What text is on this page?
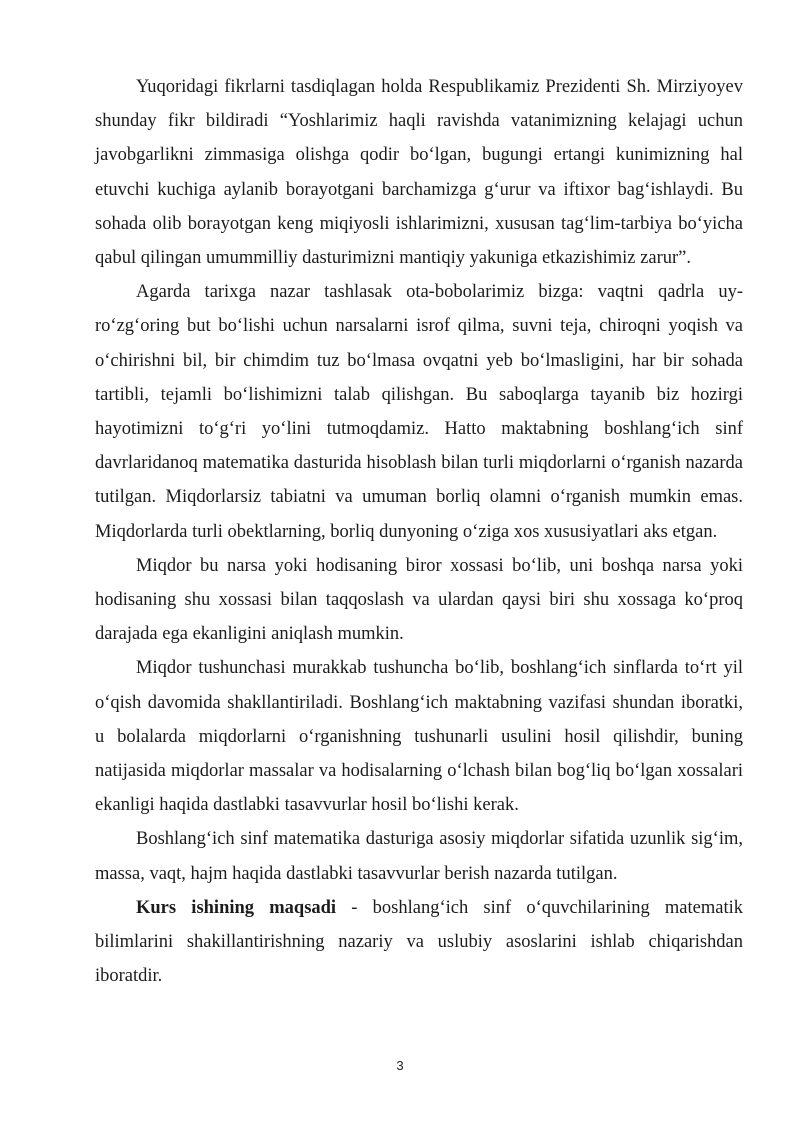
Yuqoridagi fikrlarni tasdiqlagan holda Respublikamiz Prezidenti Sh. Mirziyoyev shunday fikr bildiradi “Yoshlarimiz haqli ravishda vatanimizning kelajagi uchun javobgarlikni zimmasiga olishga qodir bo‘lgan, bugungi ertangi kunimizning hal etuvchi kuchiga aylanib borayotgani barchamizga g‘urur va iftixor bag‘ishlaydi. Bu sohada olib borayotgan keng miqiyosli ishlarimizni, xususan tag‘lim-tarbiya bo‘yicha qabul qilingan umummilliy dasturimizni mantiqiy yakuniga etkazishimiz zarur”.

Agarda tarixga nazar tashlasak ota-bobolarimiz bizga: vaqtni qadrla uy-ro‘zg‘oring but bo‘lishi uchun narsalarni isrof qilma, suvni teja, chiroqni yoqish va o‘chirishni bil, bir chimdim tuz bo‘lmasa ovqatni yeb bo‘lmasligini, har bir sohada tartibli, tejamli bo‘lishimizni talab qilishgan. Bu saboqlarga tayanib biz hozirgi hayotimizni to‘g‘ri yo‘lini tutmoqdamiz. Hatto maktabning boshlang‘ich sinf davrlaridanoq matematika dasturida hisoblash bilan turli miqdorlarni o‘rganish nazarda tutilgan. Miqdorlarsiz tabiatni va umuman borliq olamni o‘rganish mumkin emas. Miqdorlarda turli obektlarning, borliq dunyoning o‘ziga xos xususiyatlari aks etgan.

Miqdor bu narsa yoki hodisaning biror xossasi bo‘lib, uni boshqa narsa yoki hodisaning shu xossasi bilan taqqoslash va ulardan qaysi biri shu xossaga ko‘proq darajada ega ekanligini aniqlash mumkin.

Miqdor tushunchasi murakkab tushuncha bo‘lib, boshlang‘ich sinflarda to‘rt yil o‘qish davomida shakllantiriladi. Boshlang‘ich maktabning vazifasi shundan iboratki, u bolalarda miqdorlarni o‘rganishning tushunarli usulini hosil qilishdir, buning natijasida miqdorlar massalar va hodisalarning o‘lchash bilan bog‘liq bo‘lgan xossalari ekanligi haqida dastlabki tasavvurlar hosil bo‘lishi kerak.

Boshlang‘ich sinf matematika dasturiga asosiy miqdorlar sifatida uzunlik sig‘im, massa, vaqt, hajm haqida dastlabki tasavvurlar berish nazarda tutilgan.

Kurs ishining maqsadi - boshlang‘ich sinf o‘quvchilarining matematik bilimlarini shakillantirishning nazariy va uslubiy asoslarini ishlab chiqarishdan iboratdir.

3
